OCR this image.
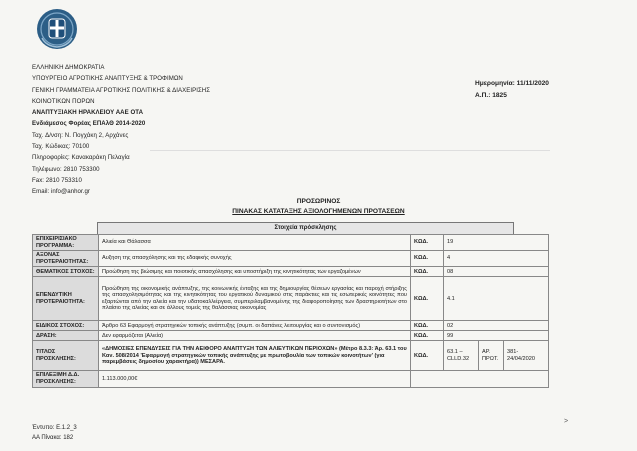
ΕΛΛΗΝΙΚΗ ΔΗΜΟΚΡΑΤΙΑ
ΥΠΟΥΡΓΕΙΟ ΑΓΡΟΤΙΚΗΣ ΑΝΑΠΤΥΞΗΣ & ΤΡΟΦΙΜΩΝ
ΓΕΝΙΚΗ ΓΡΑΜΜΑΤΕΙΑ ΑΓΡΟΤΙΚΗΣ ΠΟΛΙΤΙΚΗΣ & ΔΙΑΧΕΙΡΙΣΗΣ
ΚΟΙΝΟΤΙΚΩΝ ΠΟΡΩΝ
ΑΝΑΠΤΥΞΙΑΚΗ ΗΡΑΚΛΕΙΟΥ ΑΑΕ ΟΤΑ
Ενδιάμεσος Φορέας ΕΠΑλΘ 2014-2020
Ταχ. Δ/νση: Ν. Πογχάκη 2, Αρχάνες
Ταχ. Κώδικας: 70100
Πληροφορίες: Κανακαράκη Πελαγία
Τηλέφωνο: 2810 753300
Fax: 2810 753310
Email: info@anhor.gr
Ημερομηνία: 11/11/2020
Α.Π.: 1825
ΠΡΟΣΩΡΙΝΟΣ
ΠΙΝΑΚΑΣ ΚΑΤΑΤΑΞΗΣ ΑΞΙΟΛΟΓΗΜΕΝΩΝ ΠΡΟΤΑΣΕΩΝ
Στοιχεία πρόσκλησης
ΕΠΙΧΕΙΡΙΣΙΑΚΟ ΠΡΟΓΡΑΜΜΑ:	Αλιεία και Θάλασσα	ΚΩΔ.	19		
ΑΞΟΝΑΣ ΠΡΟΤΕΡΑΙΟΤΗΤΑΣ:	Αυξηση της απασχόλησης και της εδαφικής συνοχής	ΚΩΔ.	4		
ΘΕΜΑΤΙΚΟΣ ΣΤΟΧΟΣ:	Προώθηση της βιώσιμης και ποιοτικής απασχόλησης και υποστήριξη της κινητικότητας των εργαζομένων	ΚΩΔ.	08		
ΕΠΕΝΔΥΤΙΚΗ ΠΡΟΤΕΡΑΙΟΤΗΤΑ:	Προώθηση της οικονομικής ανάπτυξης, της κοινωνικής ένταξης και της δημιουργίας θέσεων εργασίας και παροχή στήριξης της απασχολησιμότητας και της κινητικότητας του εργατικού δυναμικού στις παράκτιες και τις εσωτερικές κοινότητες που εξαρτώνται από την αλιεία και την υδατοκαλλιέργεια, συμπεριλαμβανομένης της διαφοροποίησης των δραστηριοτήτων στο πλαίσιο της αλιείας και σε άλλους τομείς της θαλάσσιας οικονομίας	ΚΩΔ.	4.1		
ΕΙΔΙΚΟΣ ΣΤΟΧΟΣ:	Άρθρο 63 Εφαρμογή στρατηγικών τοπικής ανάπτυξης (συμπ. οι δαπάνες λειτουργίας και ο συντονισμός)	ΚΩΔ.	02		
ΔΡΑΣΗ:	Δεν εφαρμόζεται (Αλιεία)	ΚΩΔ.	99		
ΤΙΤΛΟΣ ΠΡΟΣΚΛΗΣΗΣ:	«ΔΗΜΟΣΙΕΣ ΕΠΕΝΔΥΣΕΙΣ ΓΙΑ ΤΗΝ ΑΕΙΦΟΡΟ ΑΝΑΠΤΥΞΗ ΤΩΝ ΑΛΙΕΥΤΙΚΩΝ ΠΕΡΙΟΧΩΝ» (Μέτρο 8.3.3: Άρ. 63.1 του Καν. 508/2014 'Εφαρμογή στρατηγικών τοπικής ανάπτυξης με πρωτοβουλία των τοπικών κοινοτήτων' (για παρεμβάσεις δημοσίου χαρακτήρα)) ΜΕΣΑΡΑ.	ΚΩΔ.	63.1 – CLLD.32	ΑΡ. ΠΡΩΤ.	381-24/04/2020
ΕΠΙΛΕΞΙΜΗ Δ.Δ. ΠΡΟΣΚΛΗΣΗΣ:	1.113.000,00€				
>
Έντυπο: Ε.1.2_3
ΑΑ Πίνακα: 182
